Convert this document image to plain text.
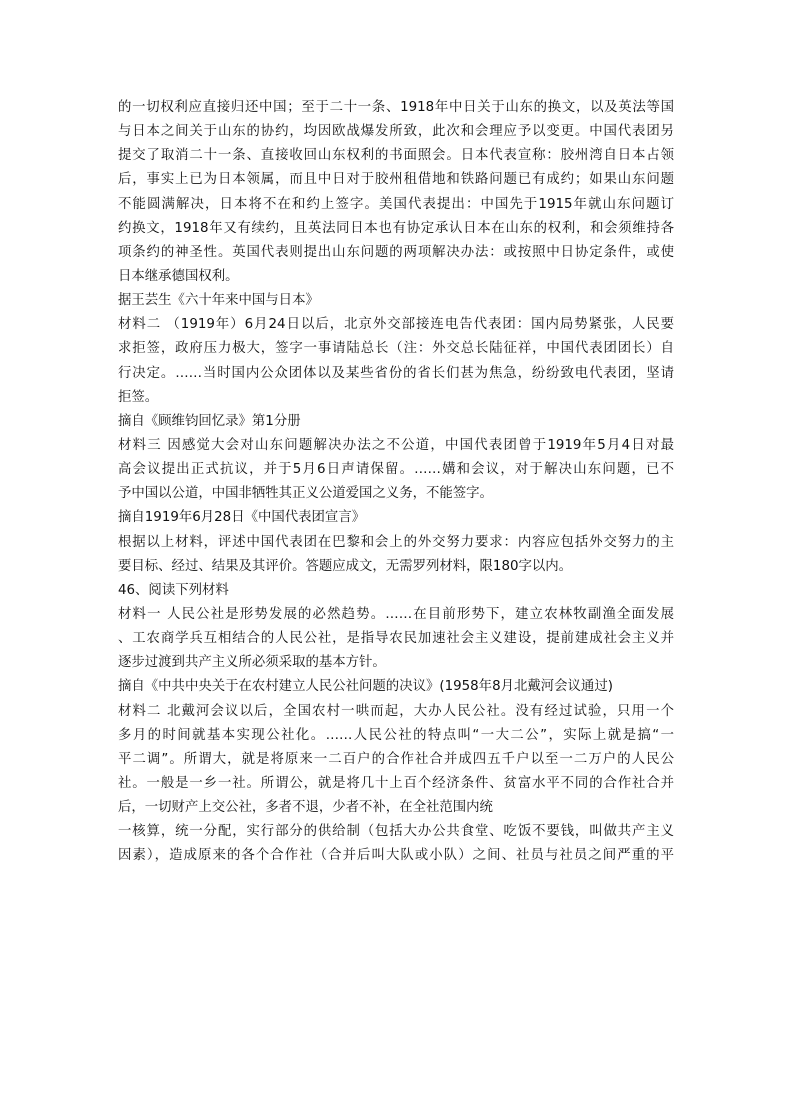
的一切权利应直接归还中国；至于二十一条、1918年中日关于山东的换文，以及英法等国
与日本之间关于山东的协约，均因欧战爆发所致，此次和会理应予以变更。中国代表团另
提交了取消二十一条、直接收回山东权利的书面照会。日本代表宣称：胶州湾自日本占领
后，事实上已为日本领属，而且中日对于胶州租借地和铁路问题已有成约；如果山东问题
不能圆满解决，日本将不在和约上签字。美国代表提出：中国先于1915年就山东问题订
约换文，1918年又有续约，且英法同日本也有协定承认日本在山东的权利，和会须维持各
项条约的神圣性。英国代表则提出山东问题的两项解决办法：或按照中日协定条件，或使
日本继承德国权利。
据王芸生《六十年来中国与日本》
材料二 （1919年）6月24日以后，北京外交部接连电告代表团：国内局势紧张，人民要
求拒签，政府压力极大，签字一事请陆总长（注：外交总长陆征祥，中国代表团团长）自
行决定。……当时国内公众团体以及某些省份的省长们甚为焦急，纷纷致电代表团，坚请
拒签。
摘自《顾维钧回忆录》第1分册
材料三 因感觉大会对山东问题解决办法之不公道，中国代表团曾于1919年5月4日对最
高会议提出正式抗议，并于5月6日声请保留。……媾和会议，对于解决山东问题，已不
予中国以公道，中国非牺牲其正义公道爱国之义务，不能签字。
摘自1919年6月28日《中国代表团宣言》
根据以上材料，评述中国代表团在巴黎和会上的外交努力要求：内容应包括外交努力的主
要目标、经过、结果及其评价。答题应成文，无需罗列材料，限180字以内。
46、阅读下列材料
材料一 人民公社是形势发展的必然趋势。……在目前形势下，建立农林牧副渔全面发展
、工农商学兵互相结合的人民公社，是指导农民加速社会主义建设，提前建成社会主义并
逐步过渡到共产主义所必须采取的基本方针。
摘自《中共中央关于在农村建立人民公社问题的决议》(1958年8月北戴河会议通过)
材料二 北戴河会议以后，全国农村一哄而起，大办人民公社。没有经过试验，只用一个
多月的时间就基本实现公社化。……人民公社的特点叫“一大二公”，实际上就是搞“一
平二调”。所谓大，就是将原来一二百户的合作社合并成四五千户以至一二万户的人民公
社。一般是一乡一社。所谓公，就是将几十上百个经济条件、贫富水平不同的合作社合并
后，一切财产上交公社，多者不退，少者不补，在全社范围内统
一核算，统一分配，实行部分的供给制（包括大办公共食堂、吃饭不要钱，叫做共产主义
因素），造成原来的各个合作社（合并后叫大队或小队）之间、社员与社员之间严重的平
